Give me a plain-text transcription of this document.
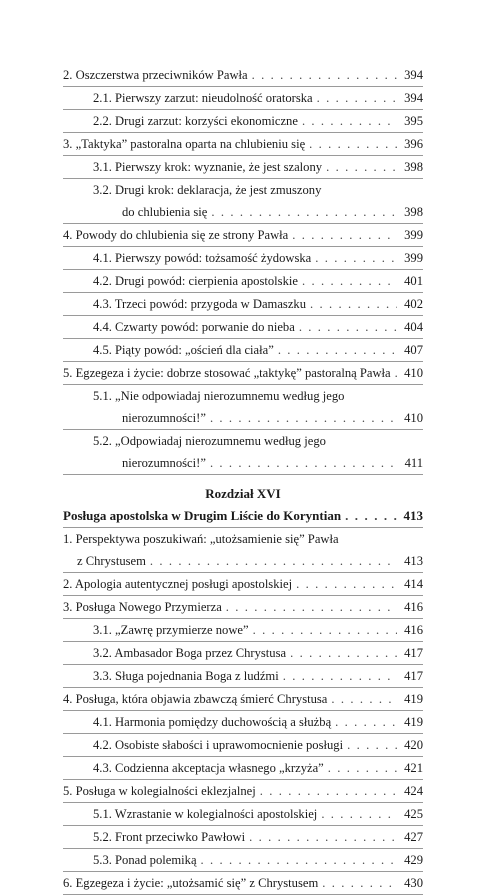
2. Oszczerstwa przeciwników Pawła . . .	394
2.1. Pierwszy zarzut: nieudolność oratorska . . .	394
2.2. Drugi zarzut: korzyści ekonomiczne . . .	395
3. „Taktyka” pastoralna oparta na chlubieniu się . . .	396
3.1. Pierwszy krok: wyznanie, że jest szalony . . .	398
3.2. Drugi krok: deklaracja, że jest zmuszony
do chlubienia się . . .	398
4. Powody do chlubienia się ze strony Pawła . . .	399
4.1. Pierwszy powód: tożsamość żydowska . . .	399
4.2. Drugi powód: cierpienia apostolskie . . .	401
4.3. Trzeci powód: przygoda w Damaszku . . .	402
4.4. Czwarty powód: porwanie do nieba . . .	404
4.5. Piąty powód: „oścień dla ciała” . . .	407
5. Egzegeza i życie: dobrze stosować „taktykę” pastoralną Pawła . . . 410
5.1. „Nie odpowiadaj nierozumnemu według jego
nierozumności!” . . .	410
5.2. „Odpowiadaj nierozumnemu według jego
nierozumności!” . . .	411
Rozdział XVI
Posługa apostolska w Drugim Liście do Koryntian . . .	413
1. Perspektywa poszukiwań: „utożsamienie się” Pawła
z Chrystusem . . .	413
2. Apologia autentycznej posługi apostolskiej . . .	414
3. Posługa Nowego Przymierza . . .	416
3.1. „Zawrę przymierze nowe” . . .	416
3.2. Ambasador Boga przez Chrystusa . . .	417
3.3. Sługa pojednania Boga z ludźmi . . .	417
4. Posługa, która objawia zbawczą śmierć Chrystusa . . .	419
4.1. Harmonia pomiędzy duchowością a służbą . . .	419
4.2. Osobiste słabości i uprawomocnienie posługi . . .	420
4.3. Codzienna akceptacja własnego „krzyża” . . .	421
5. Posługa w kolegialności eklezjalnej . . .	424
5.1. Wzrastanie w kolegialności apostolskiej . . .	425
5.2. Front przeciwko Pawłowi . . .	427
5.3. Ponad polemiką . . .	429
6. Egzegeza i życie: „utożsamić się” z Chrystusem . . .	430
